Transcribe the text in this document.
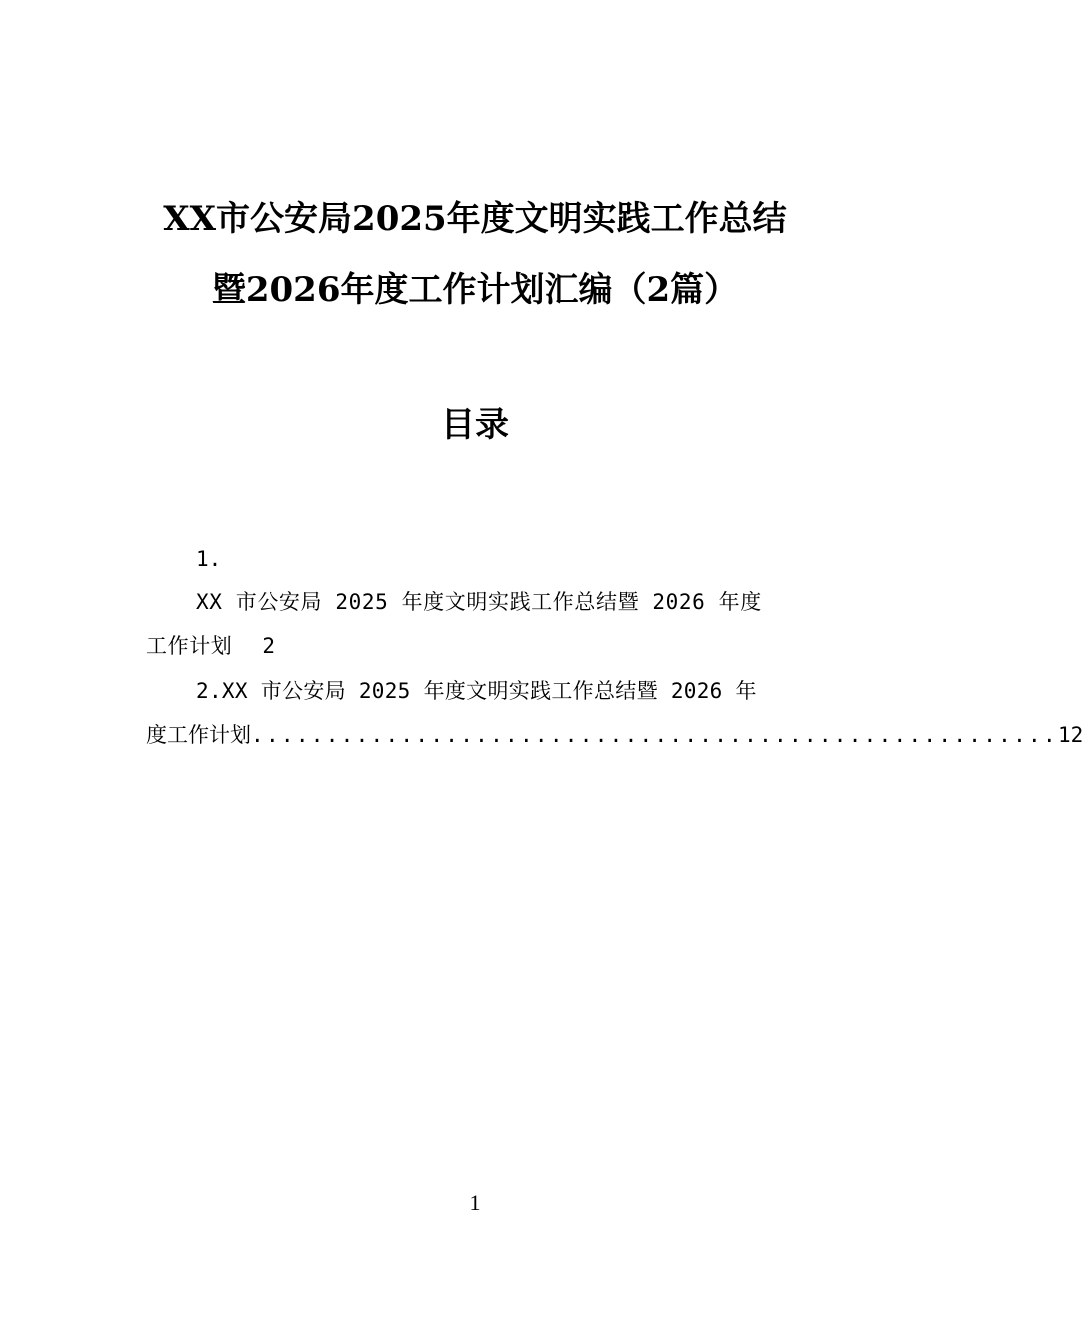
XX市公安局2025年度文明实践工作总结
暨2026年度工作计划汇编（2篇）
目录
1.
XX 市公安局 2025 年度文明实践工作总结暨 2026 年度
工作计划 2
2.XX 市公安局 2025 年度文明实践工作总结暨 2026 年
度工作计划 ...................................................... 12
1
